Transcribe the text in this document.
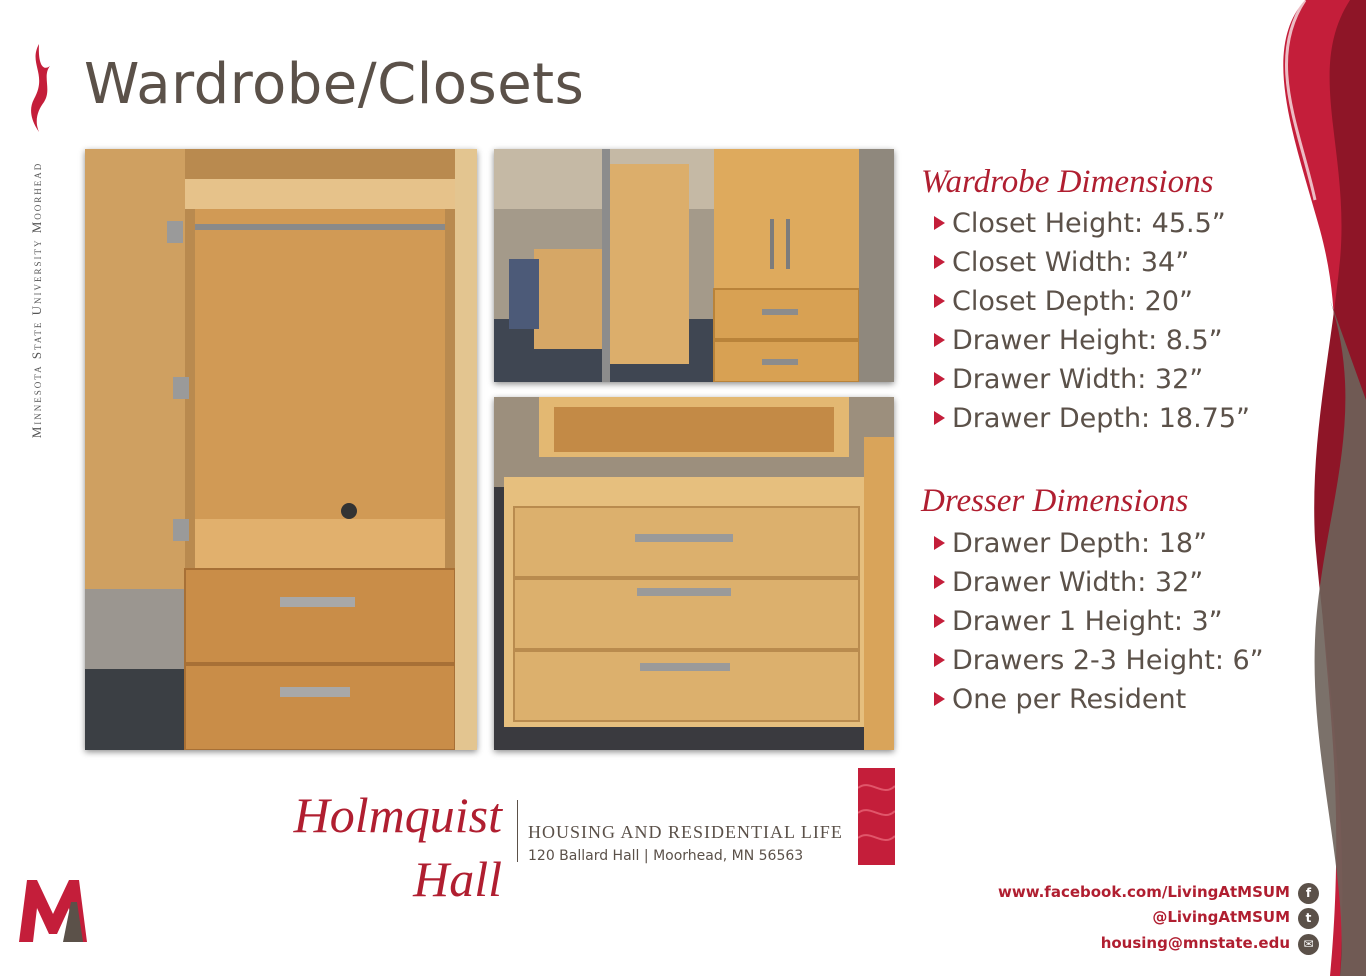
Minnesota State University Moorhead
Wardrobe/Closets
Wardrobe Dimensions
Closet Height: 45.5”
Closet Width: 34”
Closet Depth: 20”
Drawer Height: 8.5”
Drawer Width: 32”
Drawer Depth: 18.75”
Dresser Dimensions
Drawer Depth: 18”
Drawer Width: 32”
Drawer 1 Height: 3”
Drawers 2-3 Height: 6”
One per Resident
Holmquist
Hall
HOUSING AND RESIDENTIAL LIFE
120 Ballard Hall | Moorhead, MN 56563
www.facebook.com/LivingAtMSUM	f
@LivingAtMSUM	t
housing@mnstate.edu	✉
